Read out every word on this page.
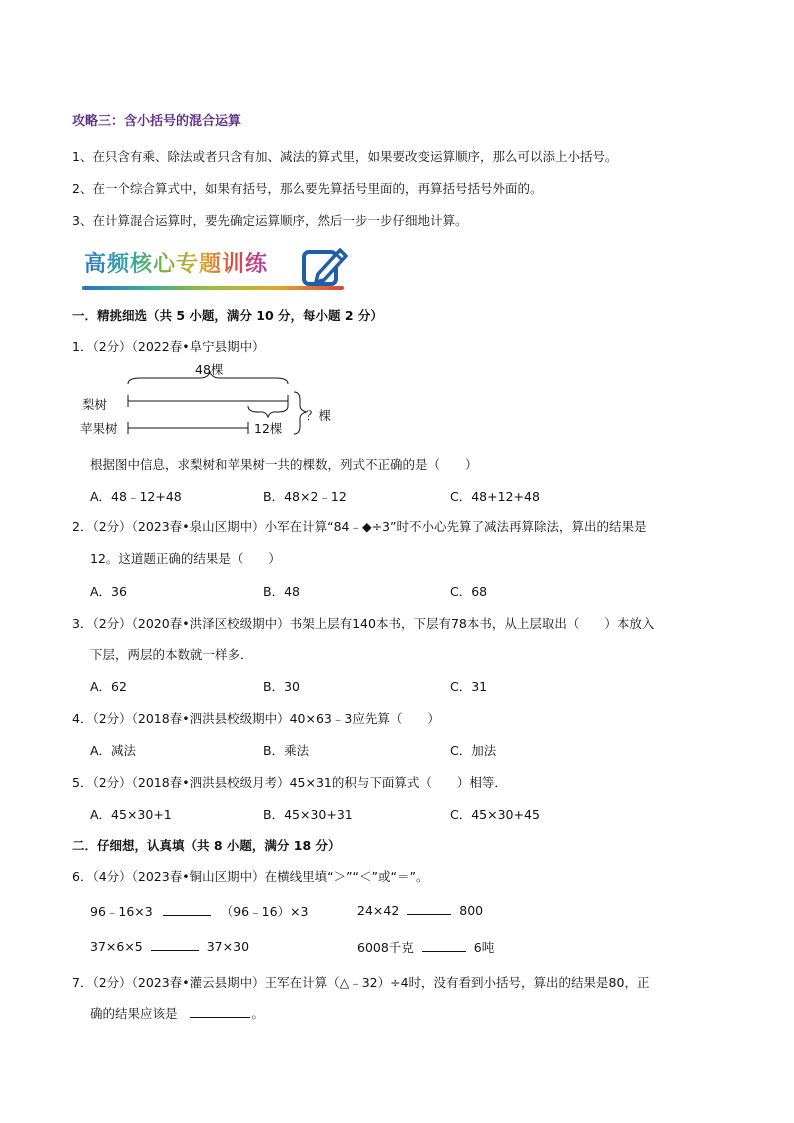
攻略三：含小括号的混合运算
1、在只含有乘、除法或者只含有加、减法的算式里，如果要改变运算顺序，那么可以添上小括号。
2、在一个综合算式中，如果有括号，那么要先算括号里面的，再算括号括号外面的。
3、在计算混合运算时，要先确定运算顺序，然后一步一步仔细地计算。
高频核心专题训练
一．精挑细选（共 5 小题，满分 10 分，每小题 2 分）
1．（2分）（2022春•阜宁县期中）
48棵
梨树
苹果树	12棵
？棵
根据图中信息，求梨树和苹果树一共的棵数，列式不正确的是（　　）
A．48﹣12+48	B．48×2﹣12	C．48+12+48
2．（2分）（2023春•泉山区期中）小军在计算“84﹣◆÷3”时不小心先算了减法再算除法，算出的结果是
12。这道题正确的结果是（　　）
A．36	B．48	C．68
3．（2分）（2020春•洪泽区校级期中）书架上层有140本书，下层有78本书，从上层取出（　　）本放入
下层，两层的本数就一样多．
A．62	B．30	C．31
4．（2分）（2018春•泗洪县校级期中）40×63﹣3应先算（　　）
A．减法	B．乘法	C．加法
5．（2分）（2018春•泗洪县校级月考）45×31的积与下面算式（　　）相等．
A．45×30+1	B．45×30+31	C．45×30+45
二．仔细想，认真填（共 8 小题，满分 18 分）
6．（4分）（2023春•铜山区期中）在横线里填“＞”“＜”或“＝”。
96﹣16×3	（96﹣16）×3	24×42	800
37×6×5	37×30	6008千克	6吨
7．（2分）（2023春•灌云县期中）王军在计算（△﹣32）÷4时，没有看到小括号，算出的结果是80，正
确的结果应该是	。
